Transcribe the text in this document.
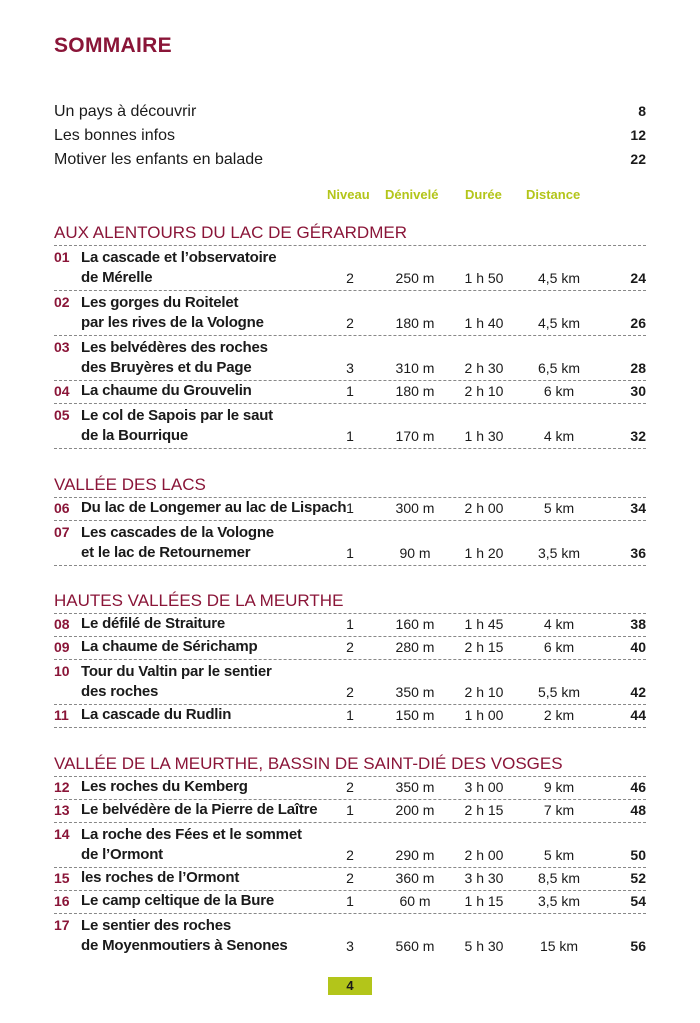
SOMMAIRE
Un pays à découvrir	8
Les bonnes infos	12
Motiver les enfants en balade	22
Niveau Dénivelé Durée Distance
AUX ALENTOURS DU LAC DE GÉRARDMER
01 La cascade et l’observatoire
de Mérelle	2	250 m	1 h 50	4,5 km	24
02 Les gorges du Roitelet
par les rives de la Vologne	2	180 m	1 h 40	4,5 km	26
03 Les belvédères des roches
des Bruyères et du Page	3	310 m	2 h 30	6,5 km	28
04 La chaume du Grouvelin	1	180 m	2 h 10	6 km	30
05 Le col de Sapois par le saut
de la Bourrique	1	170 m	1 h 30	4 km	32
VALLÉE DES LACS
06 Du lac de Longemer au lac de Lispach 1	300 m	2 h 00	5 km	34
07 Les cascades de la Vologne
et le lac de Retournemer	1	90 m	1 h 20	3,5 km	36
HAUTES VALLÉES DE LA MEURTHE
08 Le défilé de Straiture	1	160 m	1 h 45	4 km	38
09 La chaume de Sérichamp	2	280 m	2 h 15	6 km	40
10 Tour du Valtin par le sentier
des roches	2	350 m	2 h 10	5,5 km	42
11 La cascade du Rudlin	1	150 m	1 h 00	2 km	44
VALLÉE DE LA MEURTHE, BASSIN DE SAINT-DIÉ DES VOSGES
12 Les roches du Kemberg	2	350 m	3 h 00	9 km	46
13 Le belvédère de la Pierre de Laître	1	200 m	2 h 15	7 km	48
14 La roche des Fées et le sommet
de l’Ormont	2	290 m	2 h 00	5 km	50
15 les roches de l’Ormont	2	360 m	3 h 30	8,5 km	52
16 Le camp celtique de la Bure	1	60 m	1 h 15	3,5 km	54
17 Le sentier des roches
de Moyenmoutiers à Senones	3	560 m	5 h 30	15 km	56
4
